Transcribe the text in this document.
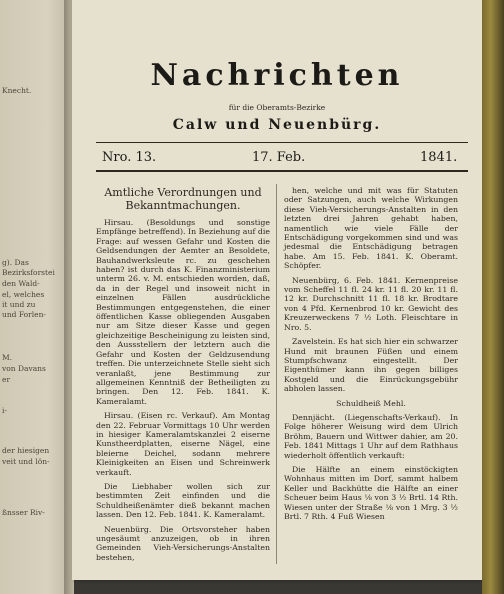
Knecht.
g). Das
Bezirksforstei
den Wald-
el, welches
it und zu
und Forlen-
M.
von Davans
er
i-
der hiesigen
veit und lön-
ßnsser Riv-
Nachrichten
für die Oberamts-Bezirke
Calw und Neuenbürg.
Nro. 13.	17. Feb.	1841.

Amtliche Verordnungen und Bekanntmachungen.

Hirsau. (Besoldungs und sonstige Empfänge betreffend). In Beziehung auf die Frage: auf wessen Gefahr und Kosten die Geldsendungen der Aemter an Besoldete, Bauhandwerksleute rc. zu geschehen haben? ist durch das K. Finanzministerium unterm 26. v. M. entschieden worden, daß, da in der Regel und insoweit nicht in einzelnen Fällen ausdrückliche Bestimmungen entgegenstehen, die einer öffentlichen Kasse obliegenden Ausgaben nur am Sitze dieser Kasse und gegen gleichzeitige Bescheinigung zu leisten sind, den Aussstellern der letztern auch die Gefahr und Kosten der Geldzusendung treffen. Die unterzeichnete Stelle sieht sich veranlaßt, jene Bestimmung zur allgemeinen Kenntniß der Betheiligten zu bringen. Den 12. Feb. 1841. K. Kameralamt.

Hirsau. (Eisen rc. Verkauf). Am Montag den 22. Februar Vormittags 10 Uhr werden in hiesiger Kameralamtskanzlei 2 eiserne Kunstheerdplatten, eiserne Nägel, eine bleierne Deichel, sodann mehrere Kleinigkeiten an Eisen und Schreinwerk verkauft.

Die Liebhaber wollen sich zur bestimmten Zeit einfinden und die Schuldheißenämter dieß bekannt machen lassen. Den 12. Feb. 1841. K. Kameralamt.

Neuenbürg. Die Ortsvorsteher haben ungesäumt anzuzeigen, ob in ihren Gemeinden Vieh-Versicherungs-Anstalten bestehen,

hen, welche und mit was für Statuten oder Satzungen, auch welche Wirkungen diese Vieh-Versicherungs-Anstalten in den letzten drei Jahren gehabt haben, namentlich wie viele Fälle der Entschädigung vorgekommen sind und was jedesmal die Entschädigung betragen habe. Am 15. Feb. 1841. K. Oberamt. Schöpfer.

Neuenbürg, 6. Feb. 1841. Kernenpreise vom Scheffel 11 fl. 24 kr. 11 fl. 20 kr. 11 fl. 12 kr. Durchschnitt 11 fl. 18 kr. Brodtare von 4 Pfd. Kernenbrod 10 kr. Gewicht des Kreuzerweckens 7 ½ Loth. Fleischtare in Nro. 5.

Zavelstein. Es hat sich hier ein schwarzer Hund mit braunen Füßen und einem Stumpfschwanz eingestellt. Der Eigenthümer kann ihn gegen billiges Kostgeld und die Einrückungsgebühr abholen lassen.

Schuldheiß Mehl.

Dennjächt. (Liegenschafts-Verkauf). In Folge höherer Weisung wird dem Ulrich Bröhm, Bauern und Wittwer dahier, am 20. Feb. 1841 Mittags 1 Uhr auf dem Rathhaus wiederholt öffentlich verkauft:

Die Hälfte an einem einstöckigten Wohnhaus mitten im Dorf, sammt halbem Keller und Backhütte die Hälfte an einer Scheuer beim Haus ⅛ von 3 ½ Brtl. 14 Rth. Wiesen unter der Straße ⅛ von 1 Mrg. 3 ½ Brtl. 7 Rth. 4 Fuß Wiesen
